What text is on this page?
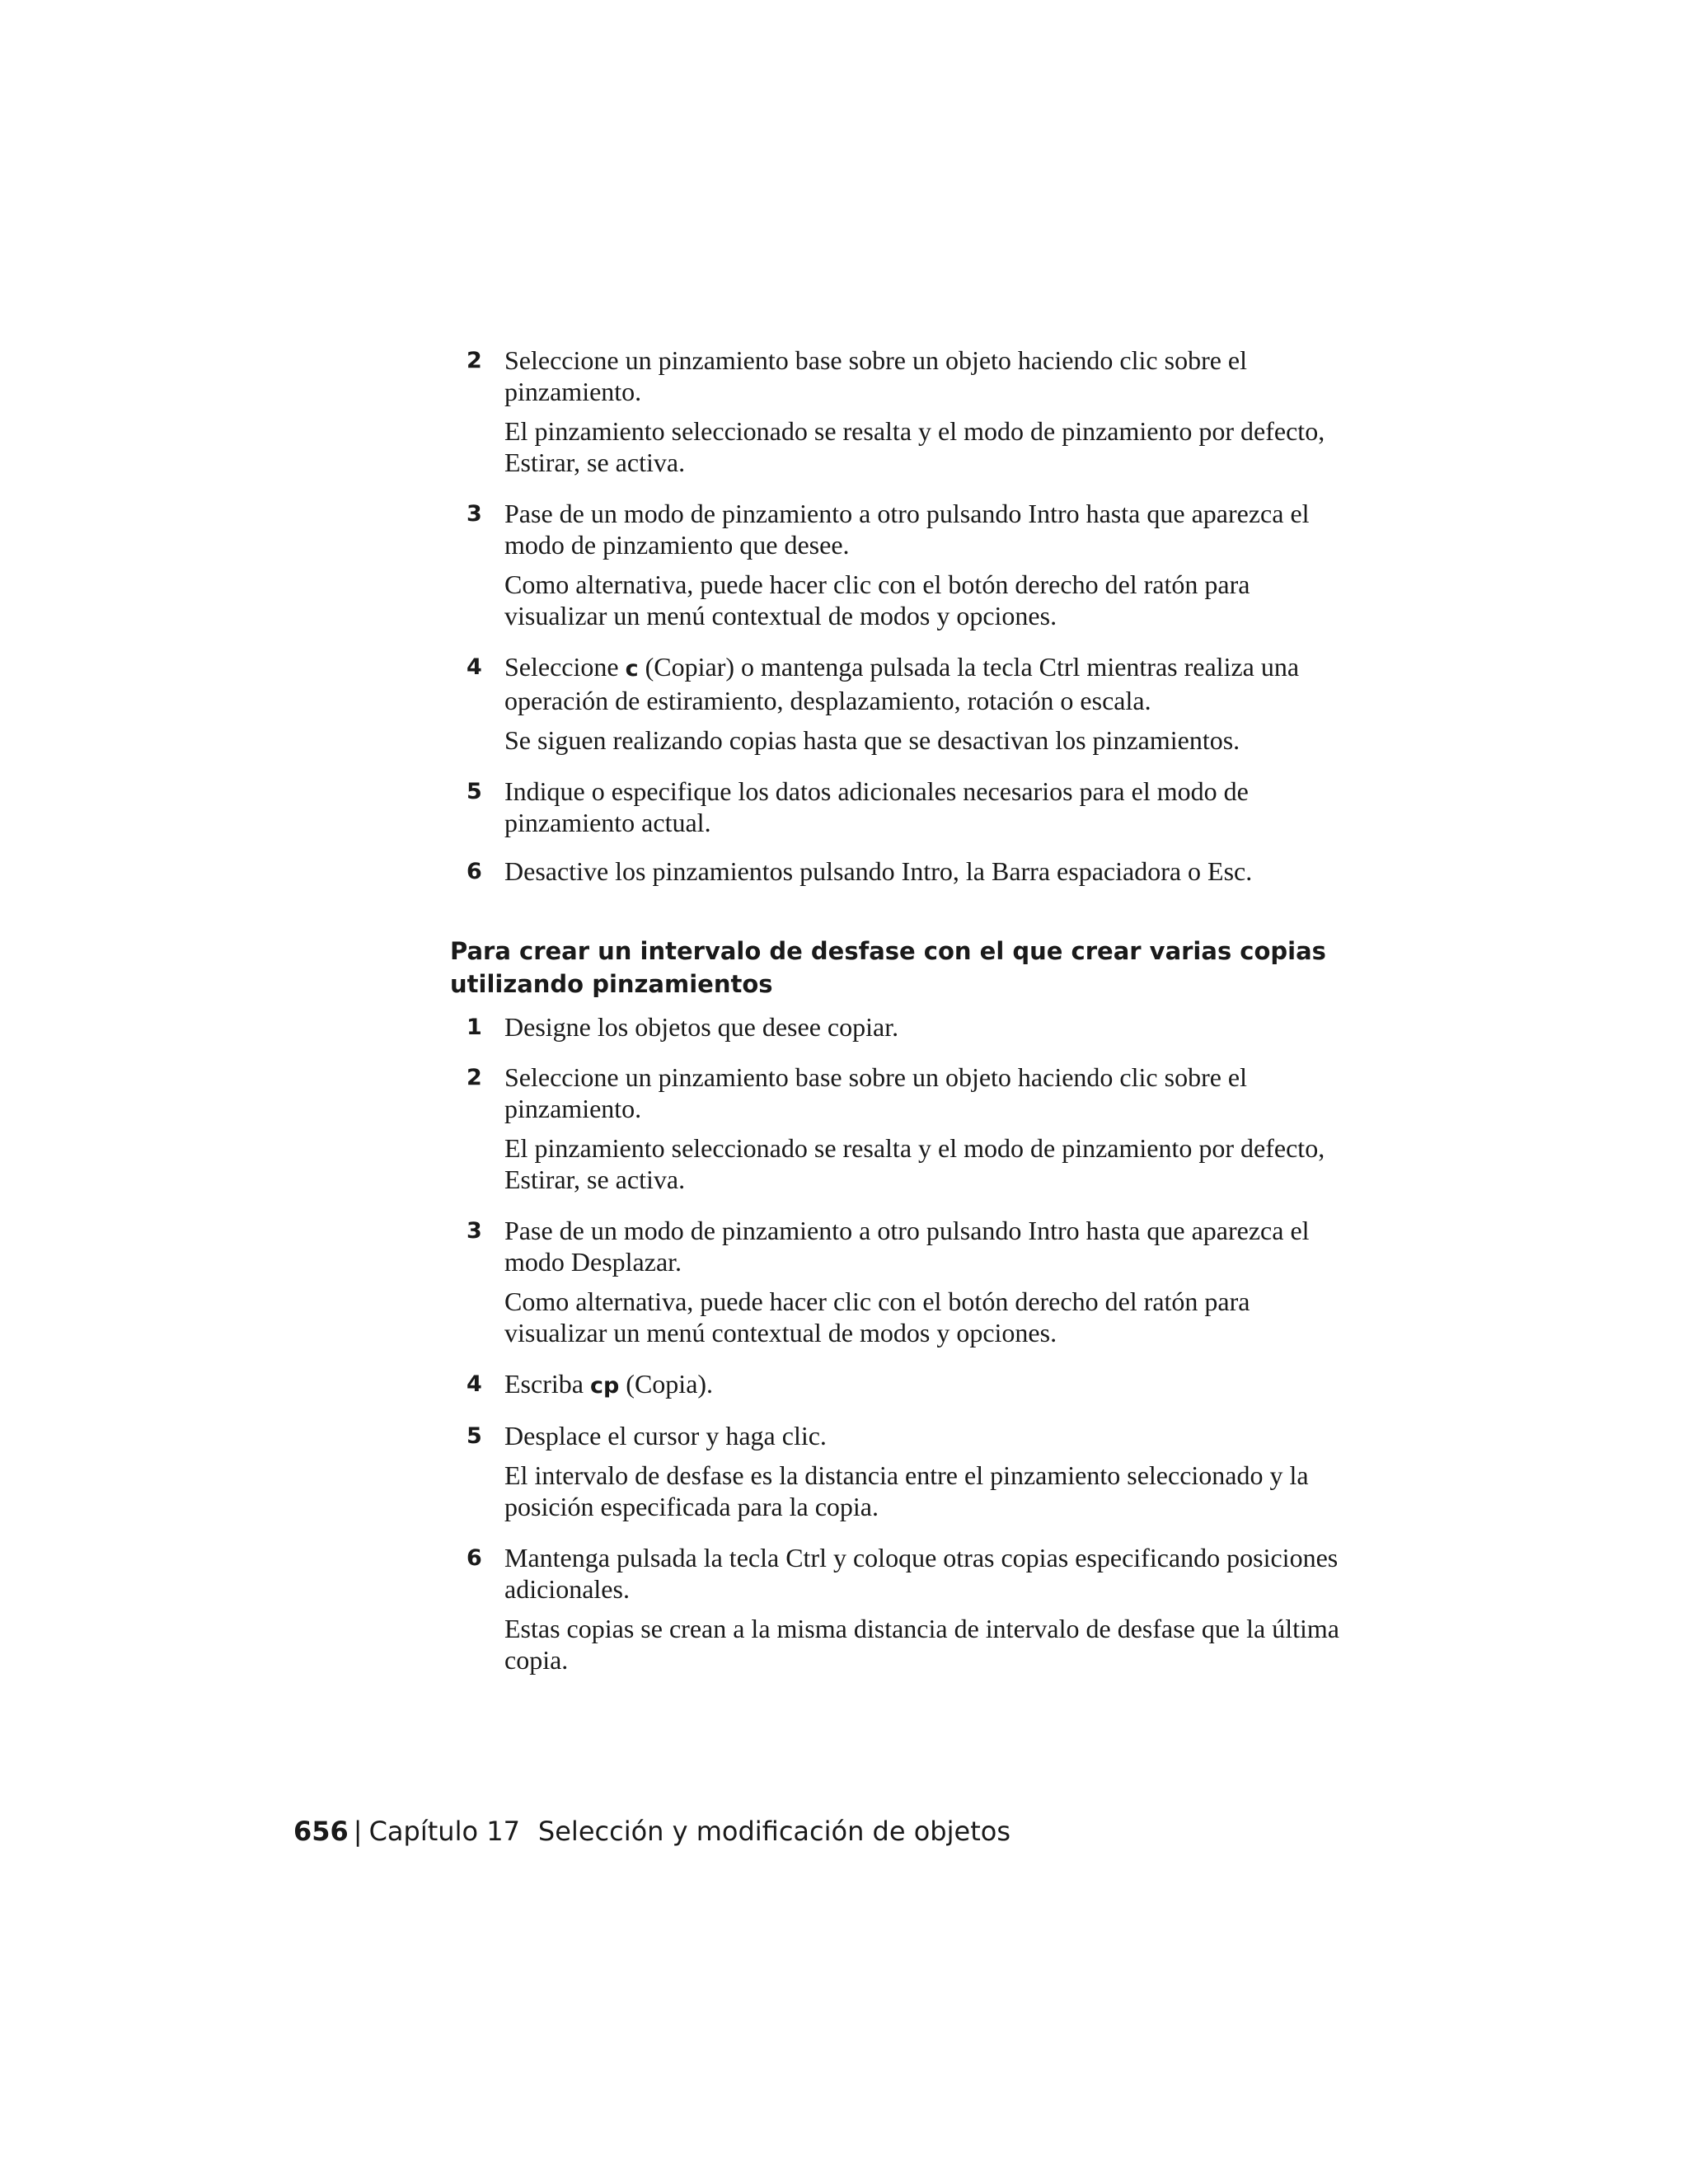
2 Seleccione un pinzamiento base sobre un objeto haciendo clic sobre el pinzamiento.

El pinzamiento seleccionado se resalta y el modo de pinzamiento por defecto, Estirar, se activa.

3 Pase de un modo de pinzamiento a otro pulsando Intro hasta que aparezca el modo de pinzamiento que desee.

Como alternativa, puede hacer clic con el botón derecho del ratón para visualizar un menú contextual de modos y opciones.

4 Seleccione c (Copiar) o mantenga pulsada la tecla Ctrl mientras realiza una operación de estiramiento, desplazamiento, rotación o escala.

Se siguen realizando copias hasta que se desactivan los pinzamientos.

5 Indique o especifique los datos adicionales necesarios para el modo de pinzamiento actual.

6 Desactive los pinzamientos pulsando Intro, la Barra espaciadora o Esc.

Para crear un intervalo de desfase con el que crear varias copias utilizando pinzamientos
1 Designe los objetos que desee copiar.

2 Seleccione un pinzamiento base sobre un objeto haciendo clic sobre el pinzamiento.

El pinzamiento seleccionado se resalta y el modo de pinzamiento por defecto, Estirar, se activa.

3 Pase de un modo de pinzamiento a otro pulsando Intro hasta que aparezca el modo Desplazar.

Como alternativa, puede hacer clic con el botón derecho del ratón para visualizar un menú contextual de modos y opciones.

4 Escriba cp (Copia).

5 Desplace el cursor y haga clic.

El intervalo de desfase es la distancia entre el pinzamiento seleccionado y la posición especificada para la copia.

6 Mantenga pulsada la tecla Ctrl y coloque otras copias especificando posiciones adicionales.

Estas copias se crean a la misma distancia de intervalo de desfase que la última copia.

656 | Capítulo 17 Selección y modificación de objetos
